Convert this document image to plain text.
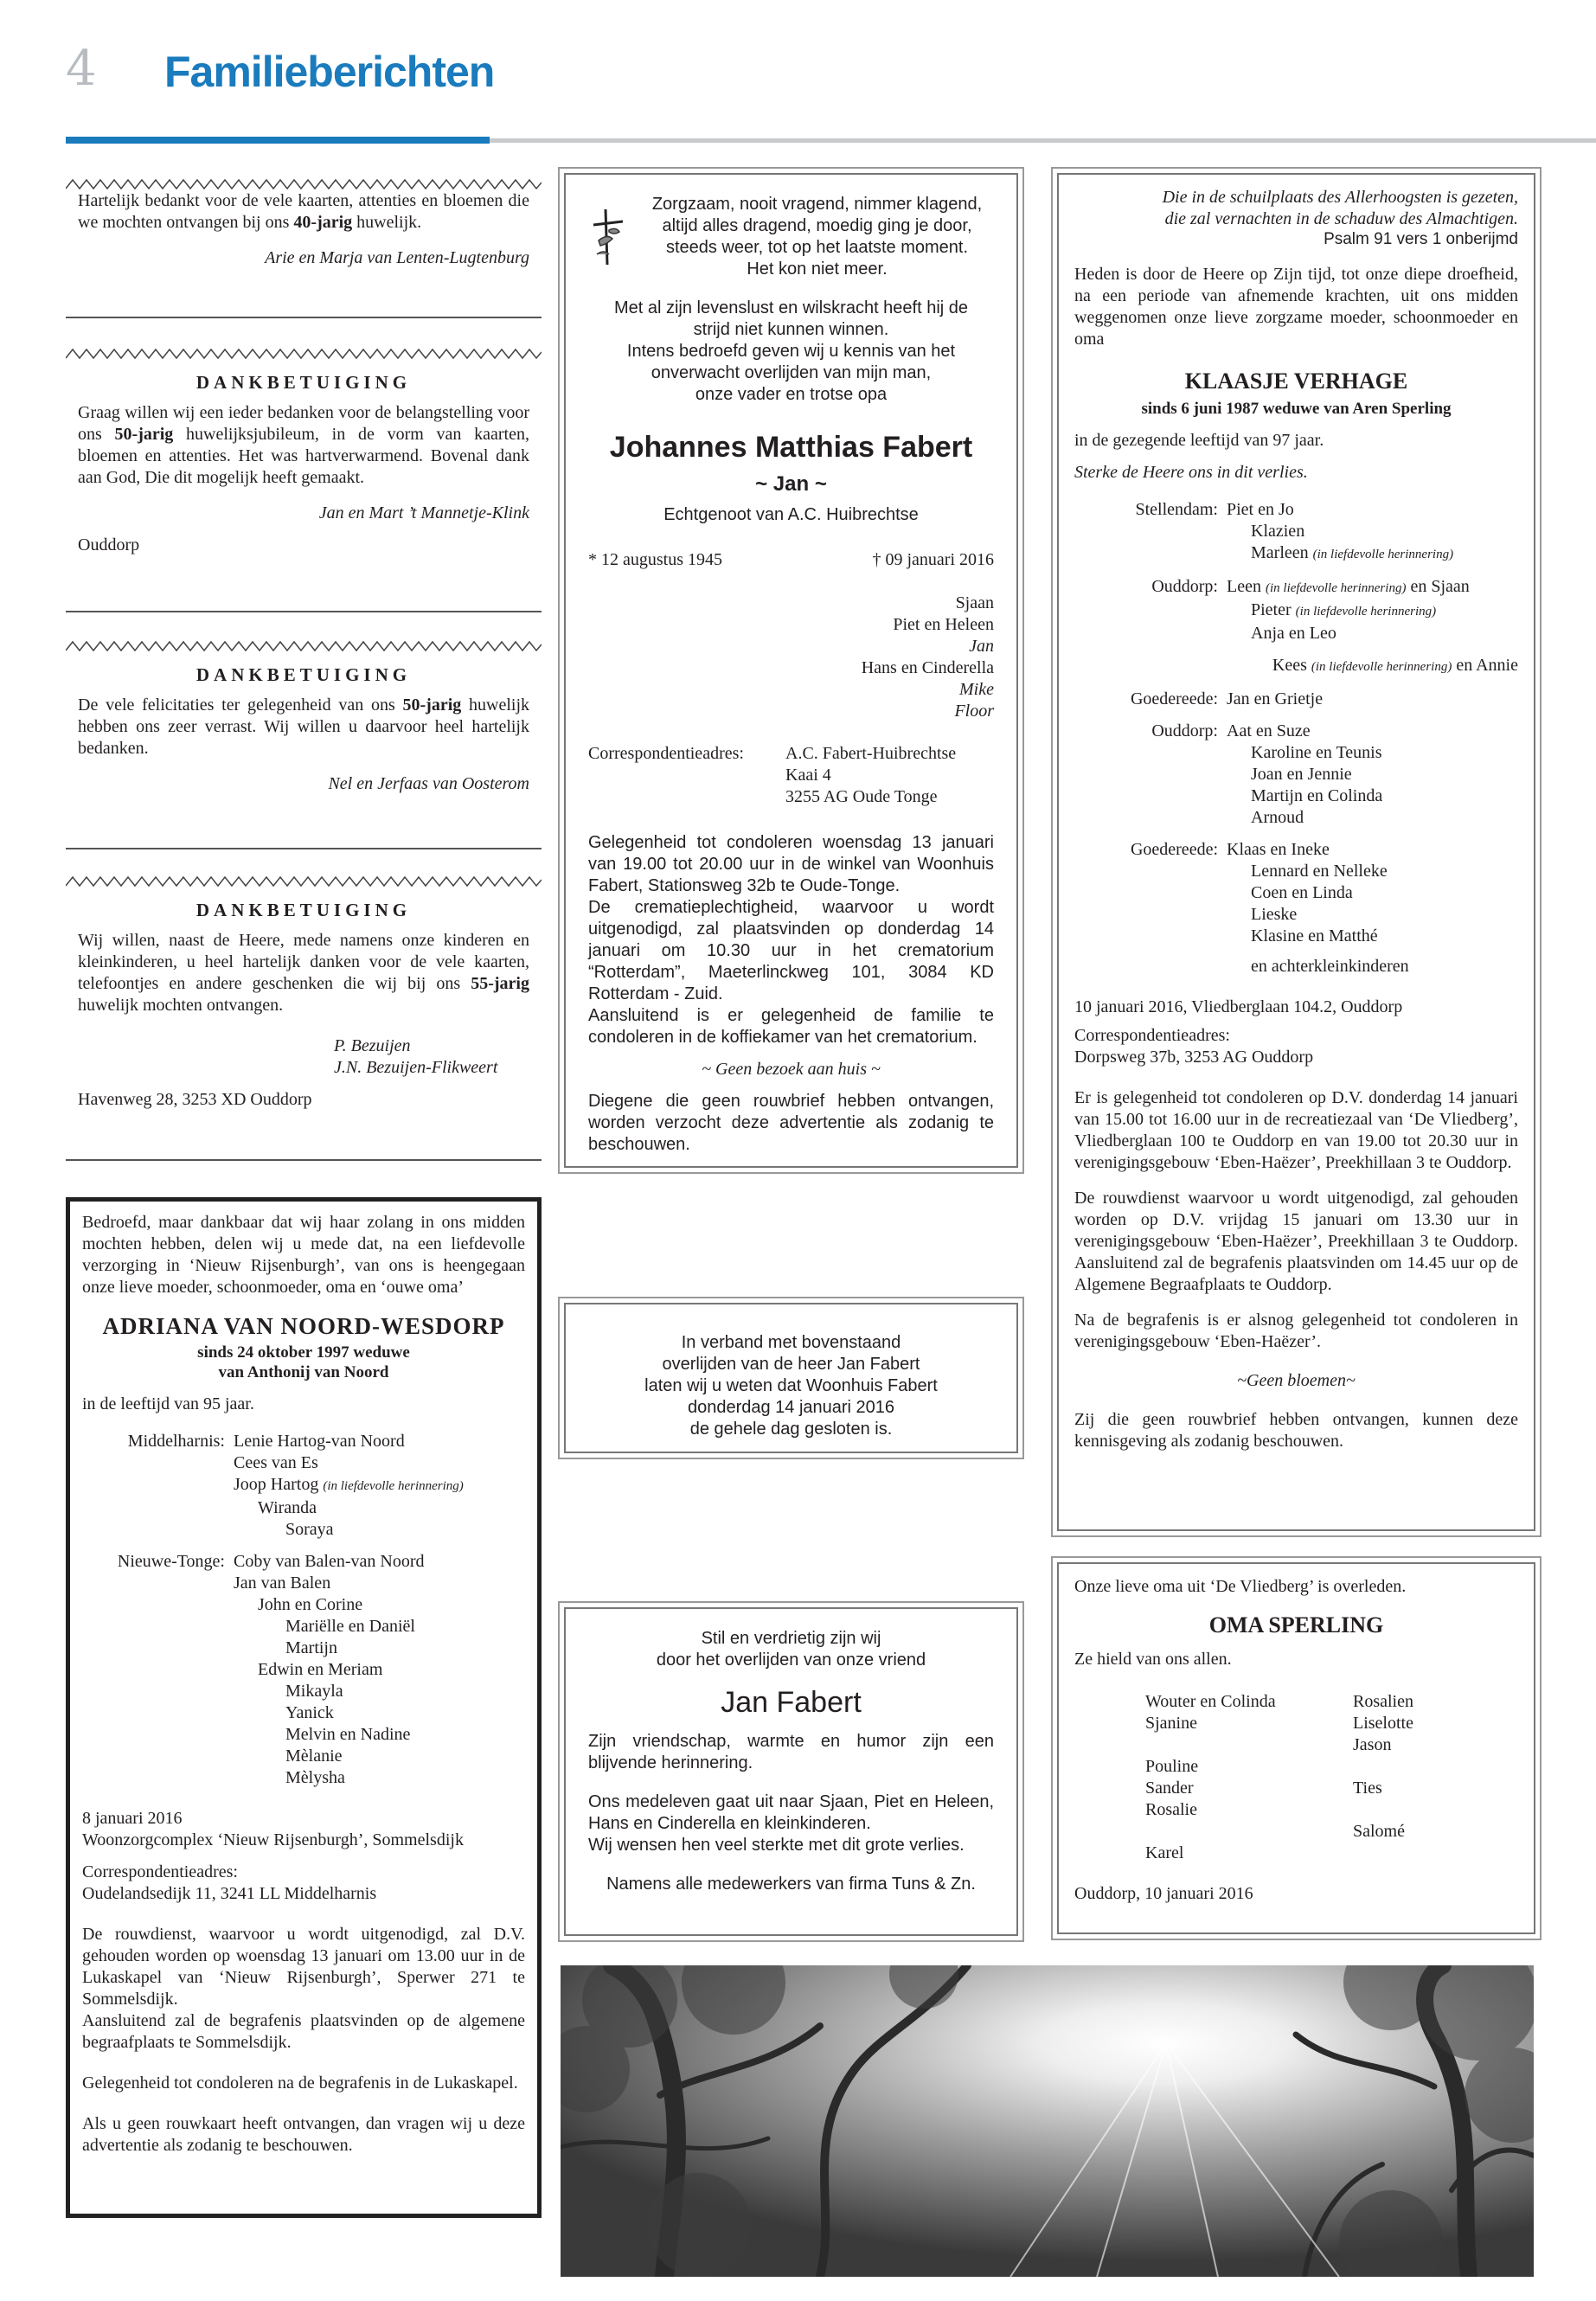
4 Familieberichten
Hartelijk bedankt voor de vele kaarten, attenties en bloemen die we mochten ontvangen bij ons 40-jarig huwelijk.
Arie en Marja van Lenten-Lugtenburg
DANKBETUIGING
Graag willen wij een ieder bedanken voor de belangstelling voor ons 50-jarig huwelijksjubileum, in de vorm van kaarten, bloemen en attenties. Het was hartverwarmend. Bovenal dank aan God, Die dit mogelijk heeft gemaakt.
Jan en Mart ’t Mannetje-Klink
Ouddorp
DANKBETUIGING
De vele felicitaties ter gelegenheid van ons 50-jarig huwelijk hebben ons zeer verrast. Wij willen u daarvoor heel hartelijk bedanken.
Nel en Jerfaas van Oosterom
DANKBETUIGING
Wij willen, naast de Heere, mede namens onze kinderen en kleinkinderen, u heel hartelijk danken voor de vele kaarten, telefoontjes en andere geschenken die wij bij ons 55-jarig huwelijk mochten ontvangen.
P. Bezuijen
J.N. Bezuijen-Flikweert
Havenweg 28, 3253 XD Ouddorp
Bedroefd, maar dankbaar dat wij haar zolang in ons midden mochten hebben, delen wij u mede dat, na een liefdevolle verzorging in ‘Nieuw Rijsenburgh’, van ons is heengegaan onze lieve moeder, schoonmoeder, oma en ‘ouwe oma’
ADRIANA VAN NOORD-WESDORP
sinds 24 oktober 1997 weduwe
van Anthonij van Noord
in de leeftijd van 95 jaar.
Middelharnis: Lenie Hartog-van Noord
Cees van Es
Joop Hartog (in liefdevolle herinnering)
Wiranda
Soraya
Nieuwe-Tonge: Coby van Balen-van Noord
Jan van Balen
John en Corine
Mariëlle en Daniël
Martijn
Edwin en Meriam
Mikayla
Yanick
Melvin en Nadine
Mèlanie
Mèlysha
8 januari 2016
Woonzorgcomplex ‘Nieuw Rijsenburgh’, Sommelsdijk
Correspondentieadres:
Oudelandsedijk 11, 3241 LL Middelharnis
De rouwdienst, waarvoor u wordt uitgenodigd, zal D.V. gehouden worden op woensdag 13 januari om 13.00 uur in de Lukaskapel van ‘Nieuw Rijsenburgh’, Sperwer 271 te Sommelsdijk.
Aansluitend zal de begrafenis plaatsvinden op de algemene begraafplaats te Sommelsdijk.
Gelegenheid tot condoleren na de begrafenis in de Lukaskapel.
Als u geen rouwkaart heeft ontvangen, dan vragen wij u deze advertentie als zodanig te beschouwen.
Zorgzaam, nooit vragend, nimmer klagend,
altijd alles dragend, moedig ging je door,
steeds weer, tot op het laatste moment.
Het kon niet meer.
Met al zijn levenslust en wilskracht heeft hij de
strijd niet kunnen winnen.
Intens bedroefd geven wij u kennis van het
onverwacht overlijden van mijn man,
onze vader en trotse opa
Johannes Matthias Fabert
~ Jan ~
Echtgenoot van A.C. Huibrechtse
* 12 augustus 1945	† 09 januari 2016
Sjaan
Piet en Heleen
Jan
Hans en Cinderella
Mike
Floor
Correspondentieadres:	A.C. Fabert-Huibrechtse
Kaai 4
3255 AG Oude Tonge
Gelegenheid tot condoleren woensdag 13 januari van 19.00 tot 20.00 uur in de winkel van Woonhuis Fabert, Stationsweg 32b te Oude-Tonge.
De crematieplechtigheid, waarvoor u wordt uitgenodigd, zal plaatsvinden op donderdag 14 januari om 10.30 uur in het crematorium “Rotterdam”, Maeterlinckweg 101, 3084 KD Rotterdam - Zuid.
Aansluitend is er gelegenheid de familie te condoleren in de koffiekamer van het crematorium.
~ Geen bezoek aan huis ~
Diegene die geen rouwbrief hebben ontvangen, worden verzocht deze advertentie als zodanig te beschouwen.
In verband met bovenstaand
overlijden van de heer Jan Fabert
laten wij u weten dat Woonhuis Fabert
donderdag 14 januari 2016
de gehele dag gesloten is.
Stil en verdrietig zijn wij
door het overlijden van onze vriend
Jan Fabert
Zijn vriendschap, warmte en humor zijn een blijvende herinnering.
Ons medeleven gaat uit naar Sjaan, Piet en Heleen, Hans en Cinderella en kleinkinderen.
Wij wensen hen veel sterkte met dit grote verlies.
Namens alle medewerkers van firma Tuns & Zn.
Die in de schuilplaats des Allerhoogsten is gezeten,
die zal vernachten in de schaduw des Almachtigen.
Psalm 91 vers 1 onberijmd
Heden is door de Heere op Zijn tijd, tot onze diepe droefheid, na een periode van afnemende krachten, uit ons midden weggenomen onze lieve zorgzame moeder, schoonmoeder en oma
KLAASJE VERHAGE
sinds 6 juni 1987 weduwe van Aren Sperling
in de gezegende leeftijd van 97 jaar.
Sterke de Heere ons in dit verlies.
Stellendam: Piet en Jo
Klazien
Marleen (in liefdevolle herinnering)
Ouddorp: Leen (in liefdevolle herinnering) en Sjaan
Pieter (in liefdevolle herinnering)
Anja en Leo
Kees (in liefdevolle herinnering) en Annie
Goedereede: Jan en Grietje
Ouddorp: Aat en Suze
Karoline en Teunis
Joan en Jennie
Martijn en Colinda
Arnoud
Goedereede: Klaas en Ineke
Lennard en Nelleke
Coen en Linda
Lieske
Klasine en Matthé
en achterkleinkinderen
10 januari 2016, Vliedberglaan 104.2, Ouddorp
Correspondentieadres:
Dorpsweg 37b, 3253 AG Ouddorp
Er is gelegenheid tot condoleren op D.V. donderdag 14 januari van 15.00 tot 16.00 uur in de recreatiezaal van ‘De Vliedberg’, Vliedberglaan 100 te Ouddorp en van 19.00 tot 20.30 uur in verenigingsgebouw ‘Eben-Haëzer’, Preekhillaan 3 te Ouddorp.
De rouwdienst waarvoor u wordt uitgenodigd, zal gehouden worden op D.V. vrijdag 15 januari om 13.30 uur in verenigingsgebouw ‘Eben-Haëzer’, Preekhillaan 3 te Ouddorp. Aansluitend zal de begrafenis plaatsvinden om 14.45 uur op de Algemene Begraafplaats te Ouddorp.
Na de begrafenis is er alsnog gelegenheid tot condoleren in verenigingsgebouw ‘Eben-Haëzer’.
~Geen bloemen~
Zij die geen rouwbrief hebben ontvangen, kunnen deze kennisgeving als zodanig beschouwen.
Onze lieve oma uit ‘De Vliedberg’ is overleden.
OMA SPERLING
Ze hield van ons allen.
Wouter en Colinda
Sjanine
Pouline
Sander
Rosalie
Karel
Rosalien
Liselotte
Jason
Ties
Salomé
Ouddorp, 10 januari 2016
